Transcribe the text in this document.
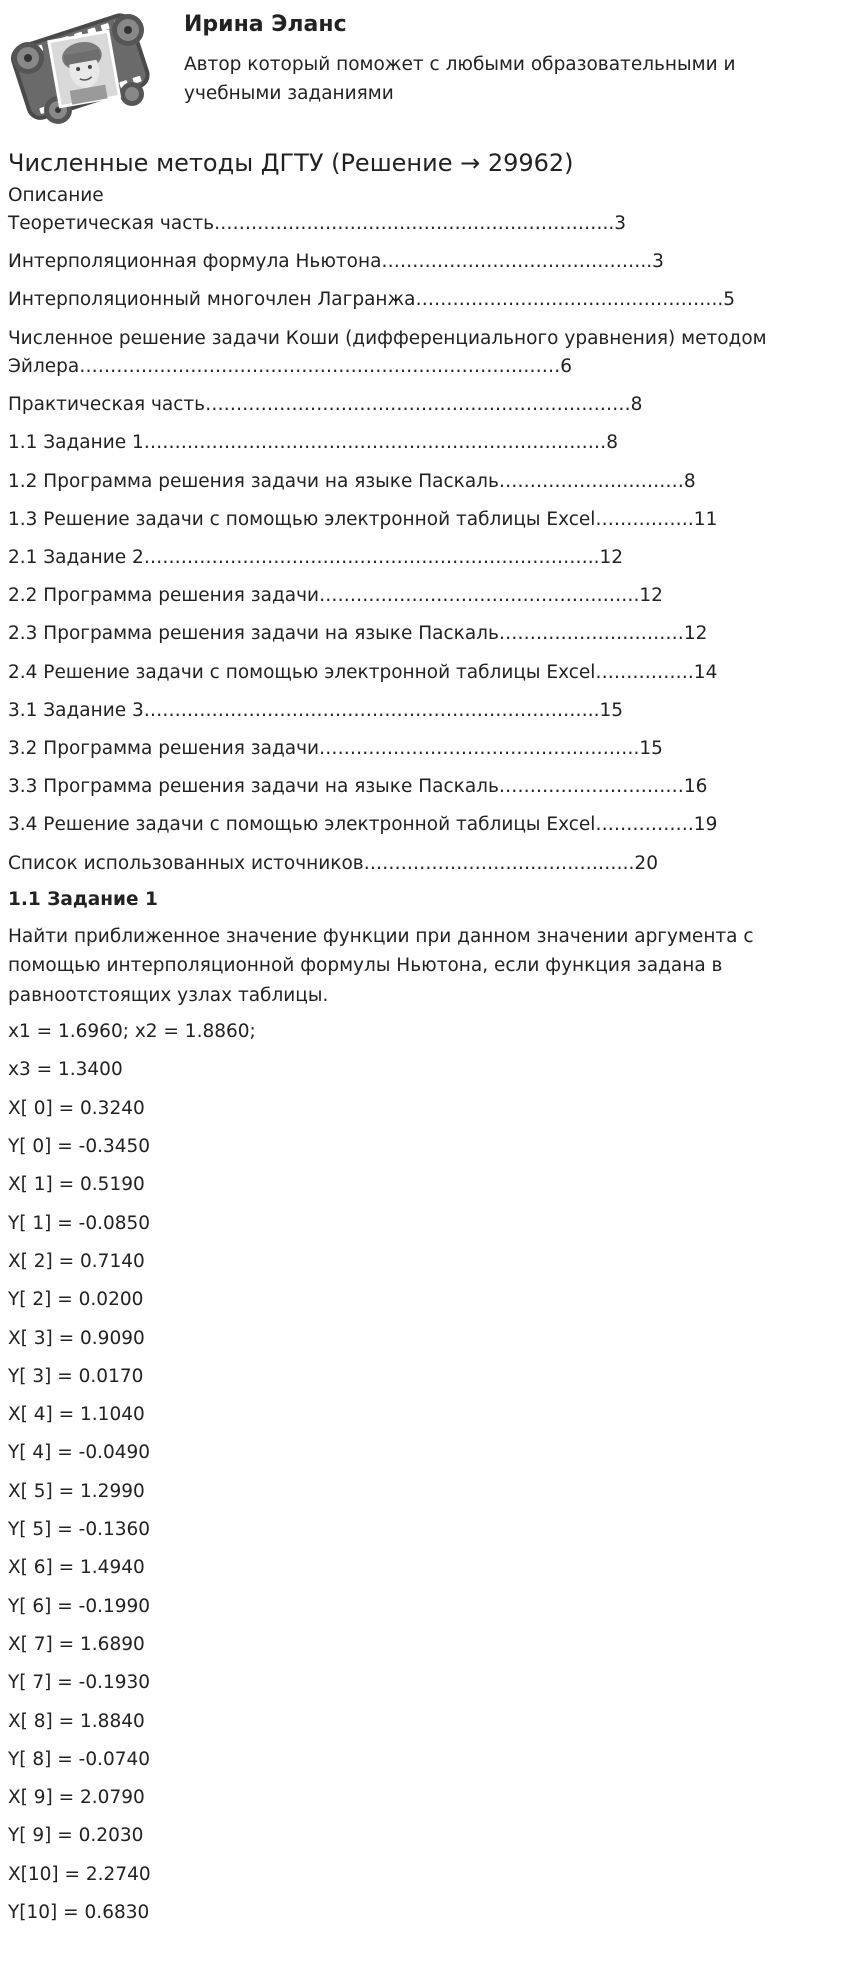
Ирина Эланс
Автор который поможет с любыми образовательными и учебными заданиями
Численные методы ДГТУ (Решение → 29962)
Описание
Теоретическая часть………………………………………………………..3
Интерполяционная формула Ньютона……………………………………..3
Интерполяционный многочлен Лагранжа…………………………………………..5
Численное решение задачи Коши (дифференциального уравнения) методом Эйлера……………………………………………………………………6
Практическая часть……………………………………………………………8
1.1 Задание 1…………………………………………………………………8
1.2 Программа решения задачи на языке Паскаль…………………………8
1.3 Решение задачи с помощью электронной таблицы Excel…………….11
2.1 Задание 2………………………………………………………………..12
2.2 Программа решения задачи…………………………………………….12
2.3 Программа решения задачи на языке Паскаль…………………………12
2.4 Решение задачи с помощью электронной таблицы Excel…………….14
3.1 Задание 3………………………………………………………………..15
3.2 Программа решения задачи…………………………………………….15
3.3 Программа решения задачи на языке Паскаль…………………………16
3.4 Решение задачи с помощью электронной таблицы Excel…………….19
Список использованных источников……………………………………..20
1.1 Задание 1

Найти приближенное значение функции при данном значении аргумента с помощью интерполяционной формулы Ньютона, если функция задана в равноотстоящих узлах таблицы.

x1 = 1.6960; x2 = 1.8860;

x3 = 1.3400

X[ 0] = 0.3240

Y[ 0] = -0.3450

X[ 1] = 0.5190

Y[ 1] = -0.0850

X[ 2] = 0.7140

Y[ 2] = 0.0200

X[ 3] = 0.9090

Y[ 3] = 0.0170

X[ 4] = 1.1040

Y[ 4] = -0.0490

X[ 5] = 1.2990

Y[ 5] = -0.1360

X[ 6] = 1.4940

Y[ 6] = -0.1990

X[ 7] = 1.6890

Y[ 7] = -0.1930

X[ 8] = 1.8840

Y[ 8] = -0.0740

X[ 9] = 2.0790

Y[ 9] = 0.2030

X[10] = 2.2740

Y[10] = 0.6830
